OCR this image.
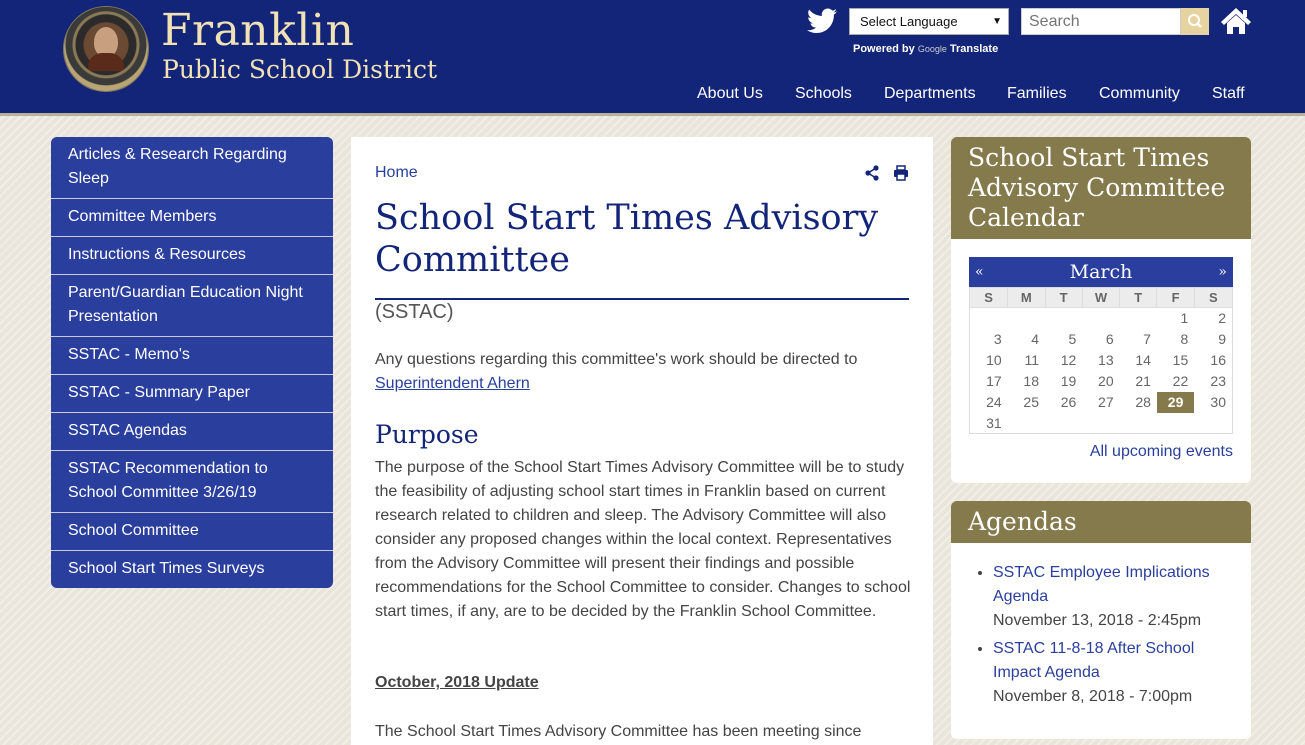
Franklin
Public School District
Select Language	▼
Powered by Google Translate
Search
About Us Schools Departments Families Community Staff
Articles & Research Regarding Sleep
Committee Members
Instructions & Resources
Parent/Guardian Education Night Presentation
SSTAC - Memo's
SSTAC - Summary Paper
SSTAC Agendas
SSTAC Recommendation to School Committee 3/26/19
School Committee
School Start Times Surveys
Home
School Start Times Advisory Committee
(SSTAC)
Any questions regarding this committee's work should be directed to
Superintendent Ahern
Purpose
The purpose of the School Start Times Advisory Committee will be to study the feasibility of adjusting school start times in Franklin based on current research related to children and sleep. The Advisory Committee will also consider any proposed changes within the local context. Representatives from the Advisory Committee will present their findings and possible recommendations for the School Committee to consider. Changes to school start times, if any, are to be decided by the Franklin School Committee.
October, 2018 Update
The School Start Times Advisory Committee has been meeting since
School Start Times Advisory Committee Calendar
«	March	»
S	M	T	W	T	F	S
					1	2
3	4	5	6	7	8	9
10	11	12	13	14	15	16
17	18	19	20	21	22	23
24	25	26	27	28	29	30
31						
All upcoming events
Agendas
• SSTAC Employee Implications Agenda
November 13, 2018 - 2:45pm
• SSTAC 11-8-18 After School Impact Agenda
November 8, 2018 - 7:00pm
